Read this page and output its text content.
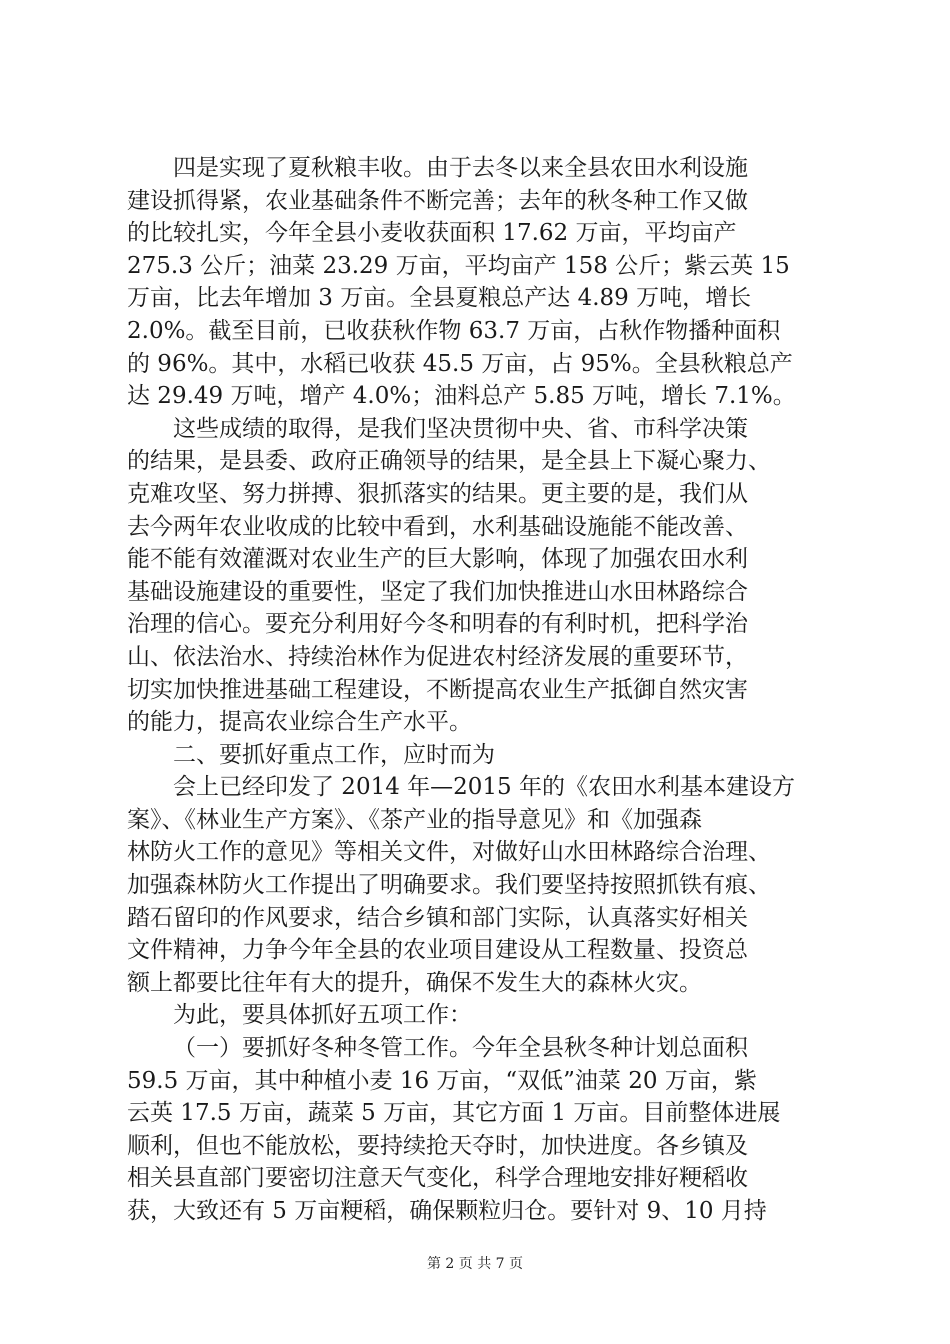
四是实现了夏秋粮丰收。由于去冬以来全县农田水利设施
建设抓得紧，农业基础条件不断完善；去年的秋冬种工作又做
的比较扎实，今年全县小麦收获面积 17.62 万亩，平均亩产
275.3 公斤；油菜 23.29 万亩，平均亩产 158 公斤；紫云英 15
万亩，比去年增加 3 万亩。全县夏粮总产达 4.89 万吨，增长
2.0%。截至目前，已收获秋作物 63.7 万亩，占秋作物播种面积
的 96%。其中，水稻已收获 45.5 万亩，占 95%。全县秋粮总产
达 29.49 万吨，增产 4.0%；油料总产 5.85 万吨，增长 7.1%。
这些成绩的取得，是我们坚决贯彻中央、省、市科学决策
的结果，是县委、政府正确领导的结果，是全县上下凝心聚力、
克难攻坚、努力拼搏、狠抓落实的结果。更主要的是，我们从
去今两年农业收成的比较中看到，水利基础设施能不能改善、
能不能有效灌溉对农业生产的巨大影响，体现了加强农田水利
基础设施建设的重要性，坚定了我们加快推进山水田林路综合
治理的信心。要充分利用好今冬和明春的有利时机，把科学治
山、依法治水、持续治林作为促进农村经济发展的重要环节，
切实加快推进基础工程建设，不断提高农业生产抵御自然灾害
的能力，提高农业综合生产水平。
二、要抓好重点工作，应时而为
会上已经印发了 2014 年—2015 年的《农田水利基本建设方
案》、《林业生产方案》、《茶产业的指导意见》和《加强森
林防火工作的意见》等相关文件，对做好山水田林路综合治理、
加强森林防火工作提出了明确要求。我们要坚持按照抓铁有痕、
踏石留印的作风要求，结合乡镇和部门实际，认真落实好相关
文件精神，力争今年全县的农业项目建设从工程数量、投资总
额上都要比往年有大的提升，确保不发生大的森林火灾。
为此，要具体抓好五项工作：
（一）要抓好冬种冬管工作。今年全县秋冬种计划总面积
59.5 万亩，其中种植小麦 16 万亩，“双低”油菜 20 万亩，紫
云英 17.5 万亩，蔬菜 5 万亩，其它方面 1 万亩。目前整体进展
顺利，但也不能放松，要持续抢天夺时，加快进度。各乡镇及
相关县直部门要密切注意天气变化，科学合理地安排好粳稻收
获，大致还有 5 万亩粳稻，确保颗粒归仓。要针对 9、10 月持
第 2 页 共 7 页
